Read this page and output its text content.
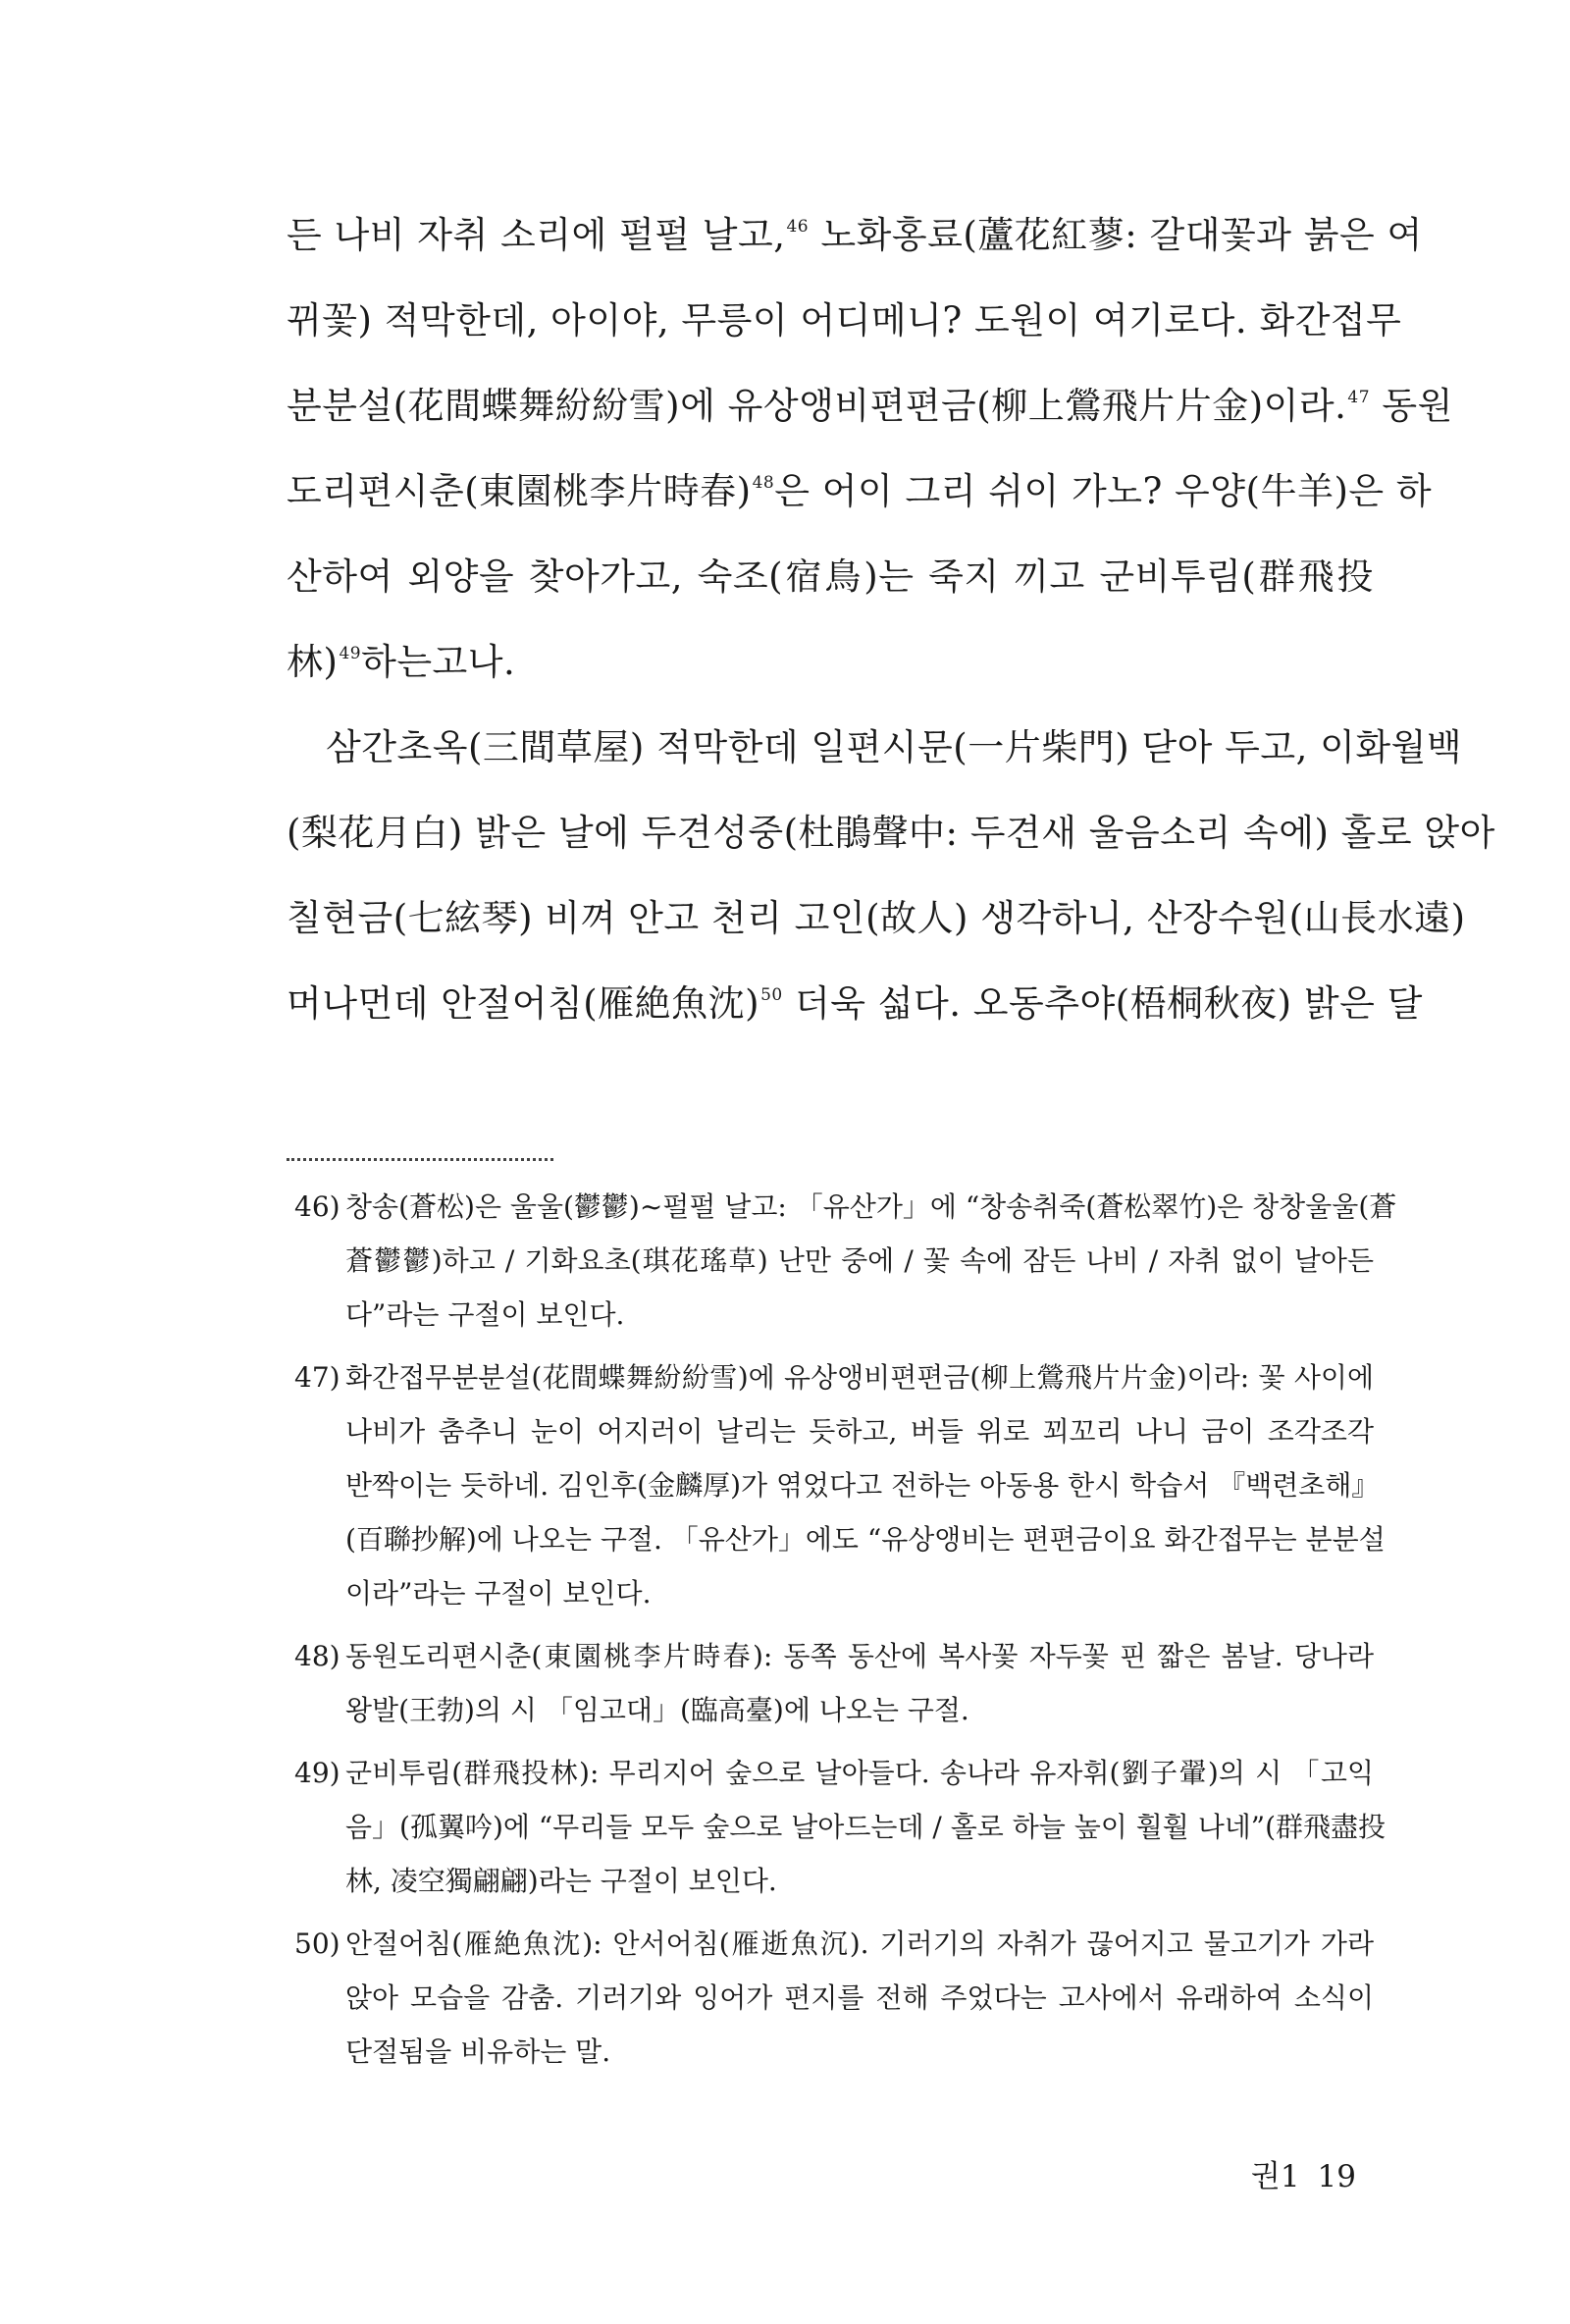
든 나비 자취 소리에 펄펄 날고,$^{46}$ 노화홍료(蘆花紅蓼: 갈대꽃과 붉은 여
뀌꽃) 적막한데, 아이야, 무릉이 어디메니? 도원이 여기로다. 화간접무
분분설(花間蝶舞紛紛雪)에 유상앵비편편금(柳上鶯飛片片金)이라.$^{47}$ 동원
도리편시춘(東園桃李片時春)$^{48}$은 어이 그리 쉬이 가노? 우양(牛羊)은 하
산하여 외양을 찾아가고, 숙조(宿鳥)는 죽지 끼고 군비투림(群飛投
林)$^{49}$하는고나.
삼간초옥(三間草屋) 적막한데 일편시문(一片柴門) 닫아 두고, 이화월백
(梨花月白) 밝은 날에 두견성중(杜鵑聲中: 두견새 울음소리 속에) 홀로 앉아
칠현금(七絃琴) 비껴 안고 천리 고인(故人) 생각하니, 산장수원(山長水遠)
머나먼데 안절어침(雁絶魚沈)$^{50}$ 더욱 섧다. 오동추야(梧桐秋夜) 밝은 달
46) 창송(蒼松)은 울울(鬱鬱)~펄펄 날고: 「유산가」에 “창송취죽(蒼松翠竹)은 창창울울(蒼
蒼鬱鬱)하고 / 기화요초(琪花瑤草) 난만 중에 / 꽃 속에 잠든 나비 / 자취 없이 날아든
다”라는 구절이 보인다.
47) 화간접무분분설(花間蝶舞紛紛雪)에 유상앵비편편금(柳上鶯飛片片金)이라: 꽃 사이에
나비가 춤추니 눈이 어지러이 날리는 듯하고, 버들 위로 꾀꼬리 나니 금이 조각조각
반짝이는 듯하네. 김인후(金麟厚)가 엮었다고 전하는 아동용 한시 학습서 『백련초해』
(百聯抄解)에 나오는 구절. 「유산가」에도 “유상앵비는 편편금이요 화간접무는 분분설
이라”라는 구절이 보인다.
48) 동원도리편시춘(東園桃李片時春): 동쪽 동산에 복사꽃 자두꽃 핀 짧은 봄날. 당나라
왕발(王勃)의 시 「임고대」(臨高臺)에 나오는 구절.
49) 군비투림(群飛投林): 무리지어 숲으로 날아들다. 송나라 유자휘(劉子翬)의 시 「고익
음」(孤翼吟)에 “무리들 모두 숲으로 날아드는데 / 홀로 하늘 높이 훨훨 나네”(群飛盡投
林, 凌空獨翩翩)라는 구절이 보인다.
50) 안절어침(雁絶魚沈): 안서어침(雁逝魚沉). 기러기의 자취가 끊어지고 물고기가 가라
앉아 모습을 감춤. 기러기와 잉어가 편지를 전해 주었다는 고사에서 유래하여 소식이
단절됨을 비유하는 말.
권1 19
